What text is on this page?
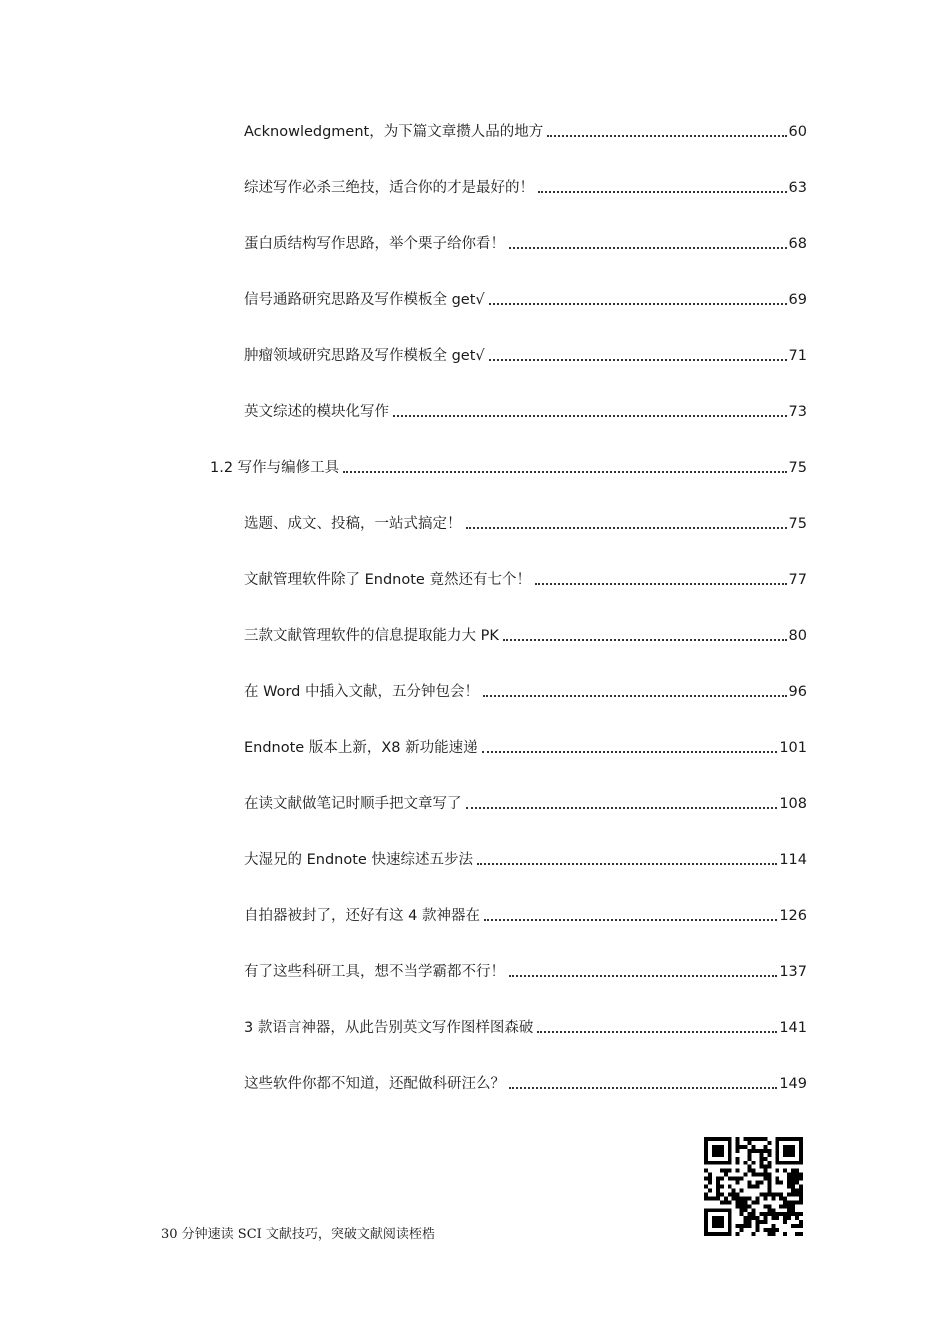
Acknowledgment，为下篇文章攒人品的地方	60
综述写作必杀三绝技，适合你的才是最好的！	63
蛋白质结构写作思路，举个栗子给你看！	68
信号通路研究思路及写作模板全 get√	69
肿瘤领域研究思路及写作模板全 get√	71
英文综述的模块化写作	73
1.2 写作与编修工具	75
选题、成文、投稿，一站式搞定！	75
文献管理软件除了 Endnote 竟然还有七个！	77
三款文献管理软件的信息提取能力大 PK	80
在 Word 中插入文献，五分钟包会！	96
Endnote 版本上新，X8 新功能速递	101
在读文献做笔记时顺手把文章写了	108
大湿兄的 Endnote 快速综述五步法	114
自拍器被封了，还好有这 4 款神器在	126
有了这些科研工具，想不当学霸都不行！	137
3 款语言神器，从此告别英文写作图样图森破	141
这些软件你都不知道，还配做科研汪么？	149
30 分钟速读 SCI 文献技巧，突破文献阅读桎梏
